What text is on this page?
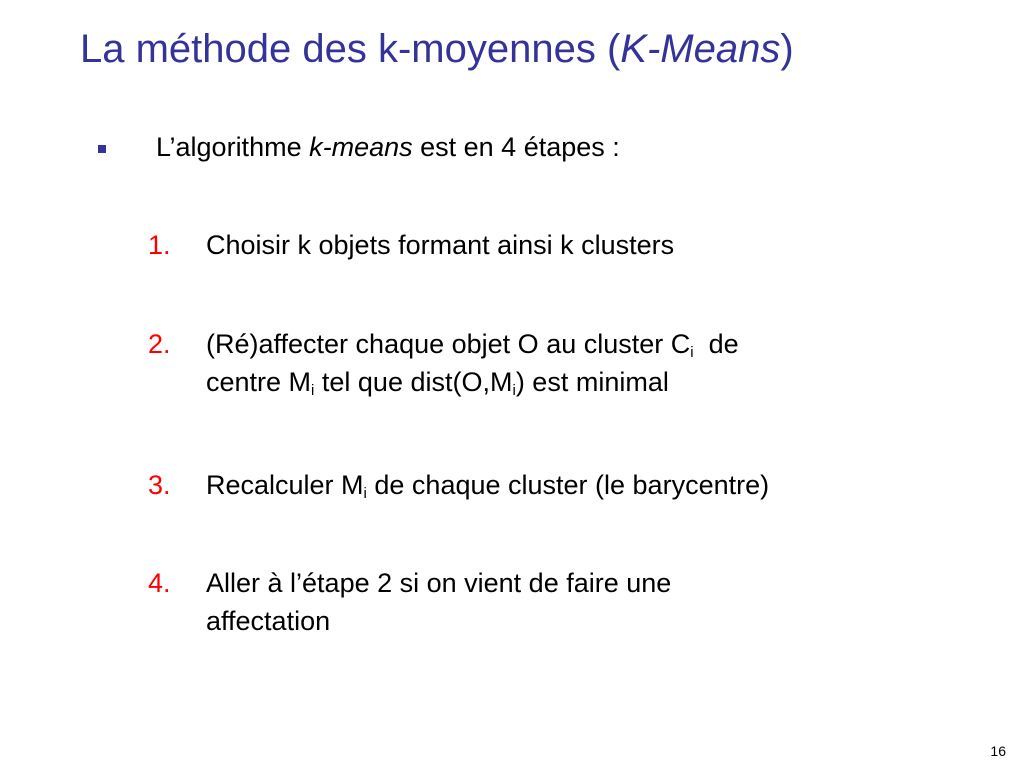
La méthode des k-moyennes (K-Means)
L’algorithme k-means est en 4 étapes :
1. Choisir k objets formant ainsi k clusters
2. (Ré)affecter chaque objet O au cluster $C_i$  de
centre $M_i$ tel que $dist(O,M_i)$ est minimal
3. Recalculer $M_i$ de chaque cluster (le barycentre)
4. Aller à l’étape 2 si on vient de faire une
affectation
16
